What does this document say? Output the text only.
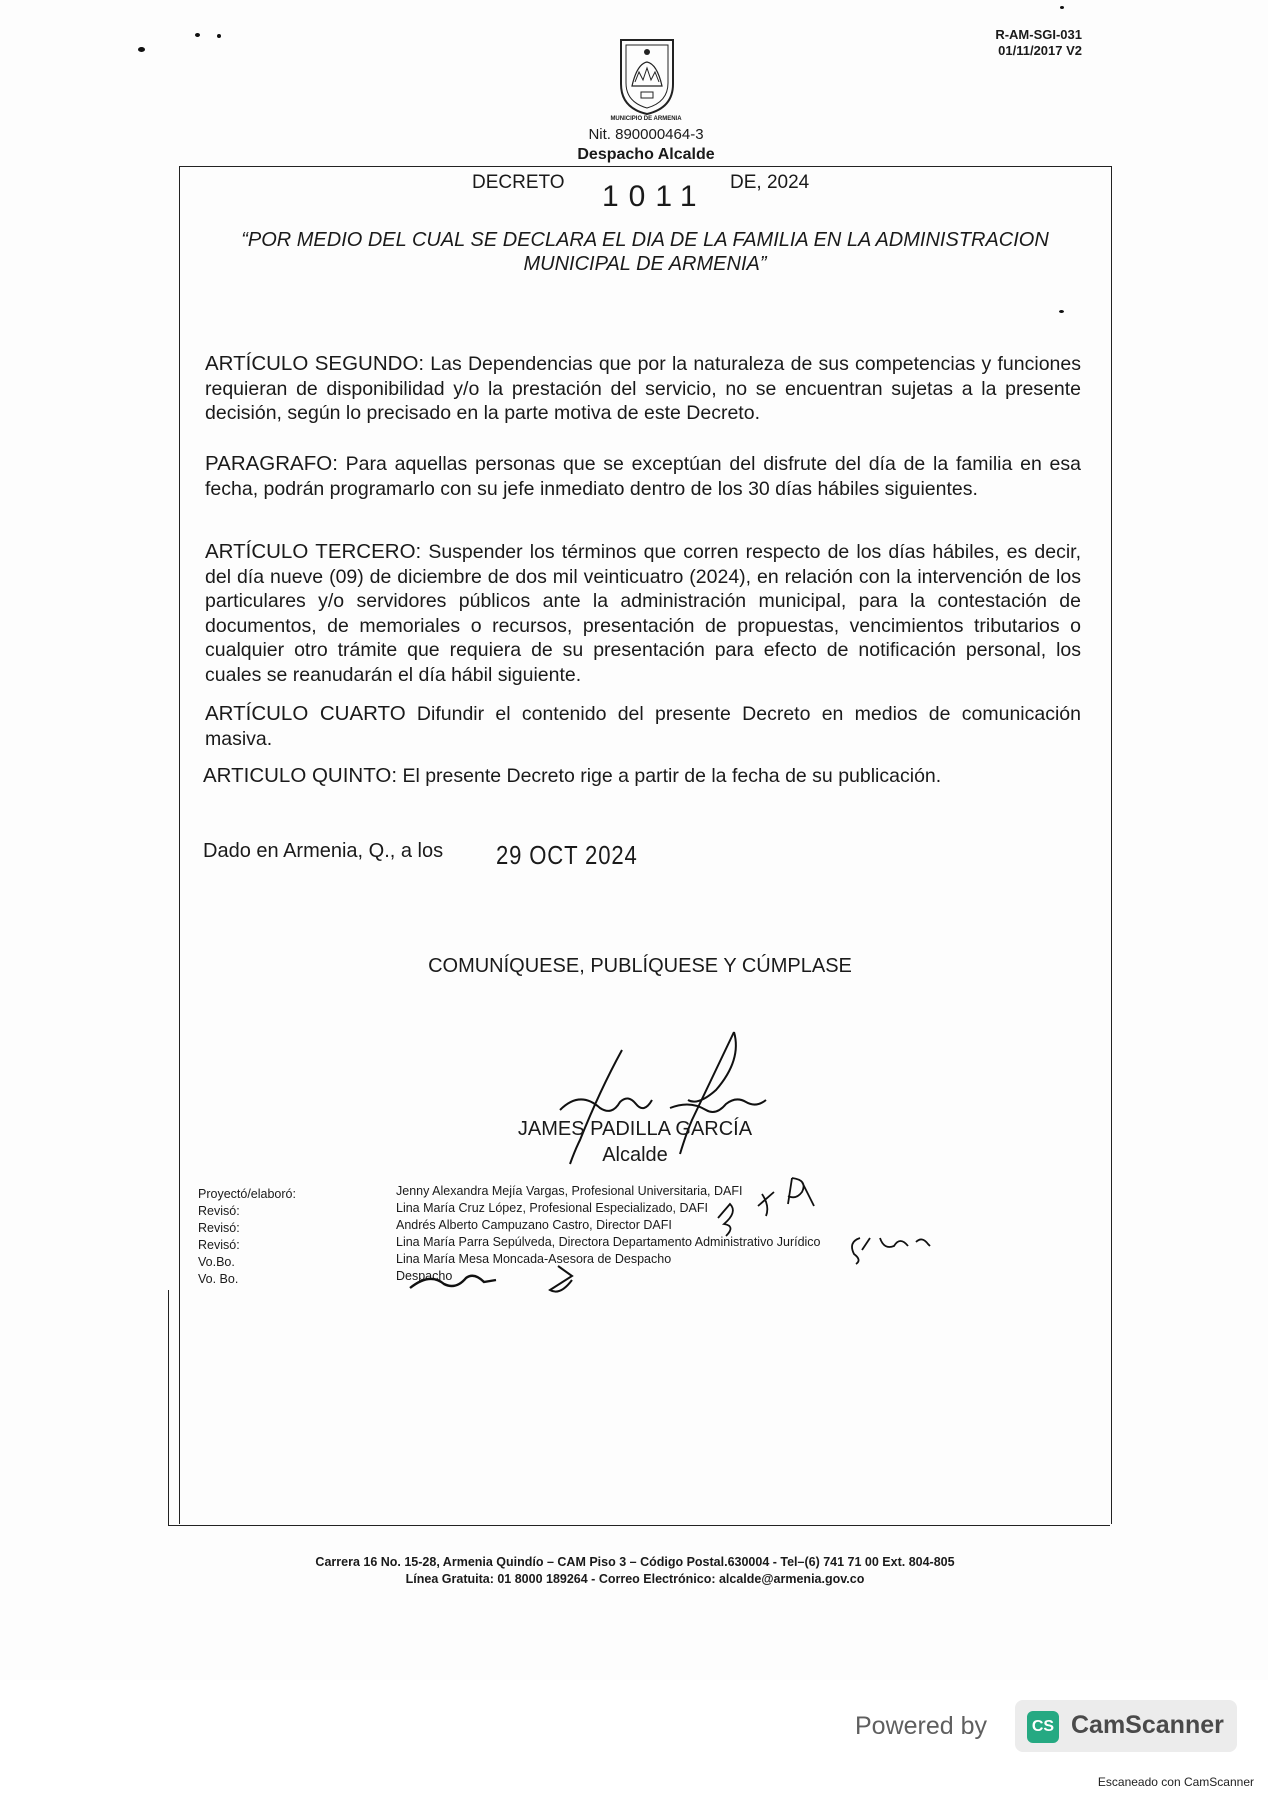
R-AM-SGI-031
01/11/2017 V2
MUNICIPIO DE ARMENIA
Nit. 890000464-3
Despacho Alcalde
DECRETO 1011 DE, 2024
“POR MEDIO DEL CUAL SE DECLARA EL DIA DE LA FAMILIA EN LA ADMINISTRACION
MUNICIPAL DE ARMENIA”
ARTÍCULO SEGUNDO: Las Dependencias que por la naturaleza de sus competencias y funciones requieran de disponibilidad y/o la prestación del servicio, no se encuentran sujetas a la presente decisión, según lo precisado en la parte motiva de este Decreto.
PARAGRAFO: Para aquellas personas que se exceptúan del disfrute del día de la familia en esa fecha, podrán programarlo con su jefe inmediato dentro de los 30 días hábiles siguientes.
ARTÍCULO TERCERO: Suspender los términos que corren respecto de los días hábiles, es decir, del día nueve (09) de diciembre de dos mil veinticuatro (2024), en relación con la intervención de los particulares y/o servidores públicos ante la administración municipal, para la contestación de documentos, de memoriales o recursos, presentación de propuestas, vencimientos tributarios o cualquier otro trámite que requiera de su presentación para efecto de notificación personal, los cuales se reanudarán el día hábil siguiente.
ARTÍCULO CUARTO Difundir el contenido del presente Decreto en medios de comunicación masiva.
ARTICULO QUINTO: El presente Decreto rige a partir de la fecha de su publicación.
Dado en Armenia, Q., a los 29 OCT 2024
COMUNÍQUESE, PUBLÍQUESE Y CÚMPLASE
JAMES PADILLA GARCÍA
Alcalde
Proyectó/elaboró:
Revisó:
Revisó:
Revisó:
Vo.Bo.
Vo. Bo.
Jenny Alexandra Mejía Vargas, Profesional Universitaria, DAFI
Lina María Cruz López, Profesional Especializado, DAFI
Andrés Alberto Campuzano Castro, Director DAFI
Lina María Parra Sepúlveda, Directora Departamento Administrativo Jurídico
Lina María Mesa Moncada-Asesora de Despacho
Despacho
Carrera 16 No. 15-28, Armenia Quindío – CAM Piso 3 – Código Postal.630004 - Tel–(6) 741 71 00 Ext. 804-805
Línea Gratuita: 01 8000 189264 - Correo Electrónico: alcalde@armenia.gov.co
Powered by	CS CamScanner
Escaneado con CamScanner
